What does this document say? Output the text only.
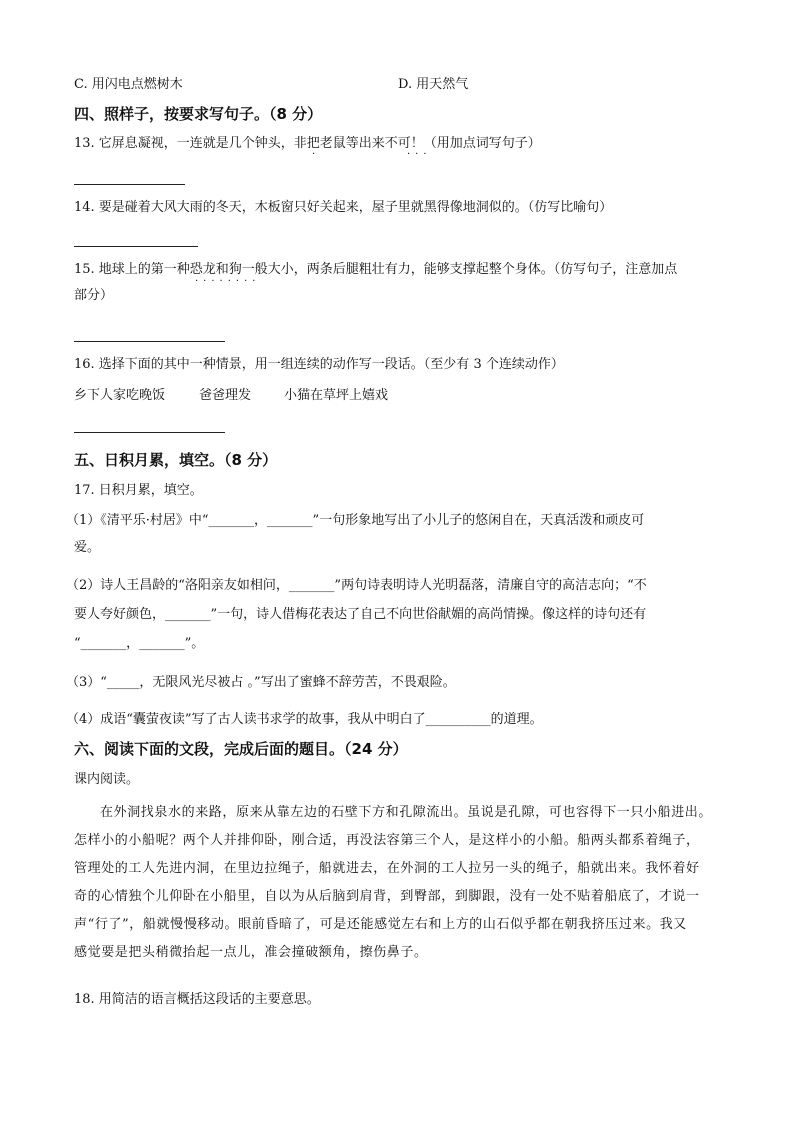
C. 用闪电点燃树木	D. 用天然气
四、照样子，按要求写句子。（8 分）
13. 它屏息凝视，一连就是几个钟头，非把老鼠等出来不可！（用加点词写句子）
·	···
14. 要是碰着大风大雨的冬天，木板窗只好关起来，屋子里就黑得像地洞似的。（仿写比喻句）
15. 地球上的第一种恐龙和狗一般大小，两条后腿粗壮有力，能够支撑起整个身体。（仿写句子，注意加点
········
部分）
16. 选择下面的其中一种情景，用一组连续的动作写一段话。（至少有 3 个连续动作）
乡下人家吃晚饭	爸爸理发	小猫在草坪上嬉戏
五、日积月累，填空。（8 分）
17. 日积月累，填空。
（1）《清平乐·村居》中“_______，_______”一句形象地写出了小儿子的悠闲自在，天真活泼和顽皮可
爱。
（2）诗人王昌龄的“洛阳亲友如相问，_______”两句诗表明诗人光明磊落，清廉自守的高洁志向；“不
要人夸好颜色，_______”一句，诗人借梅花表达了自己不向世俗献媚的高尚情操。像这样的诗句还有
“_______，_______”。
（3）“_____，无限风光尽被占 。”写出了蜜蜂不辞劳苦，不畏艰险。
（4）成语“囊萤夜读”写了古人读书求学的故事，我从中明白了__________的道理。
六、阅读下面的文段，完成后面的题目。（24 分）
课内阅读。
在外洞找泉水的来路，原来从靠左边的石壁下方和孔隙流出。虽说是孔隙，可也容得下一只小船进出。
怎样小的小船呢？两个人并排仰卧，刚合适，再没法容第三个人，是这样小的小船。船两头都系着绳子，
管理处的工人先进内洞，在里边拉绳子，船就进去，在外洞的工人拉另一头的绳子，船就出来。我怀着好
奇的心情独个儿仰卧在小船里，自以为从后脑到肩背，到臀部，到脚跟，没有一处不贴着船底了，才说一
声“行了”，船就慢慢移动。眼前昏暗了，可是还能感觉左右和上方的山石似乎都在朝我挤压过来。我又
感觉要是把头稍微抬起一点儿，准会撞破额角，擦伤鼻子。
18. 用简洁的语言概括这段话的主要意思。
